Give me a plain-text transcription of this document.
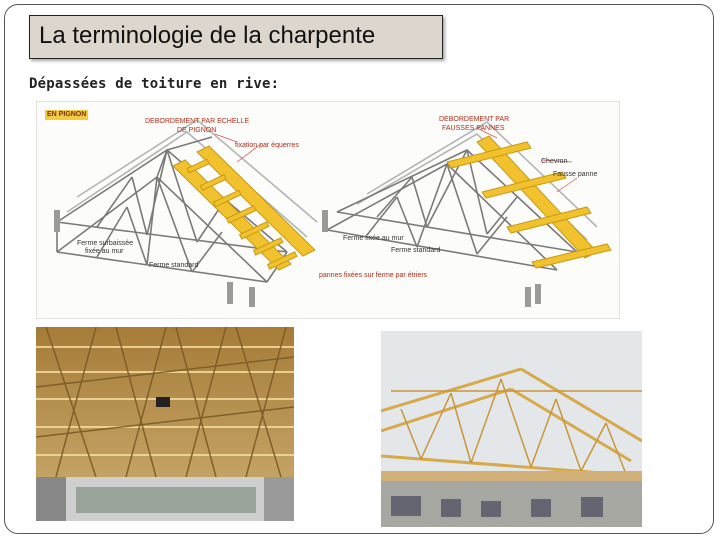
La terminologie de la charpente
Dépassées de toiture en rive:
EN PIGNON
DEBORDEMENT PAR ECHELLE
DE PIGNON
fixation par équerres
DEBORDEMENT PAR
FAUSSES PANNES
Chevron
Fausse panne
Ferme surbaissée
fixée au mur
Ferme standard
Ferme fixée au mur
Ferme standard
pannes fixées sur ferme par étriers
